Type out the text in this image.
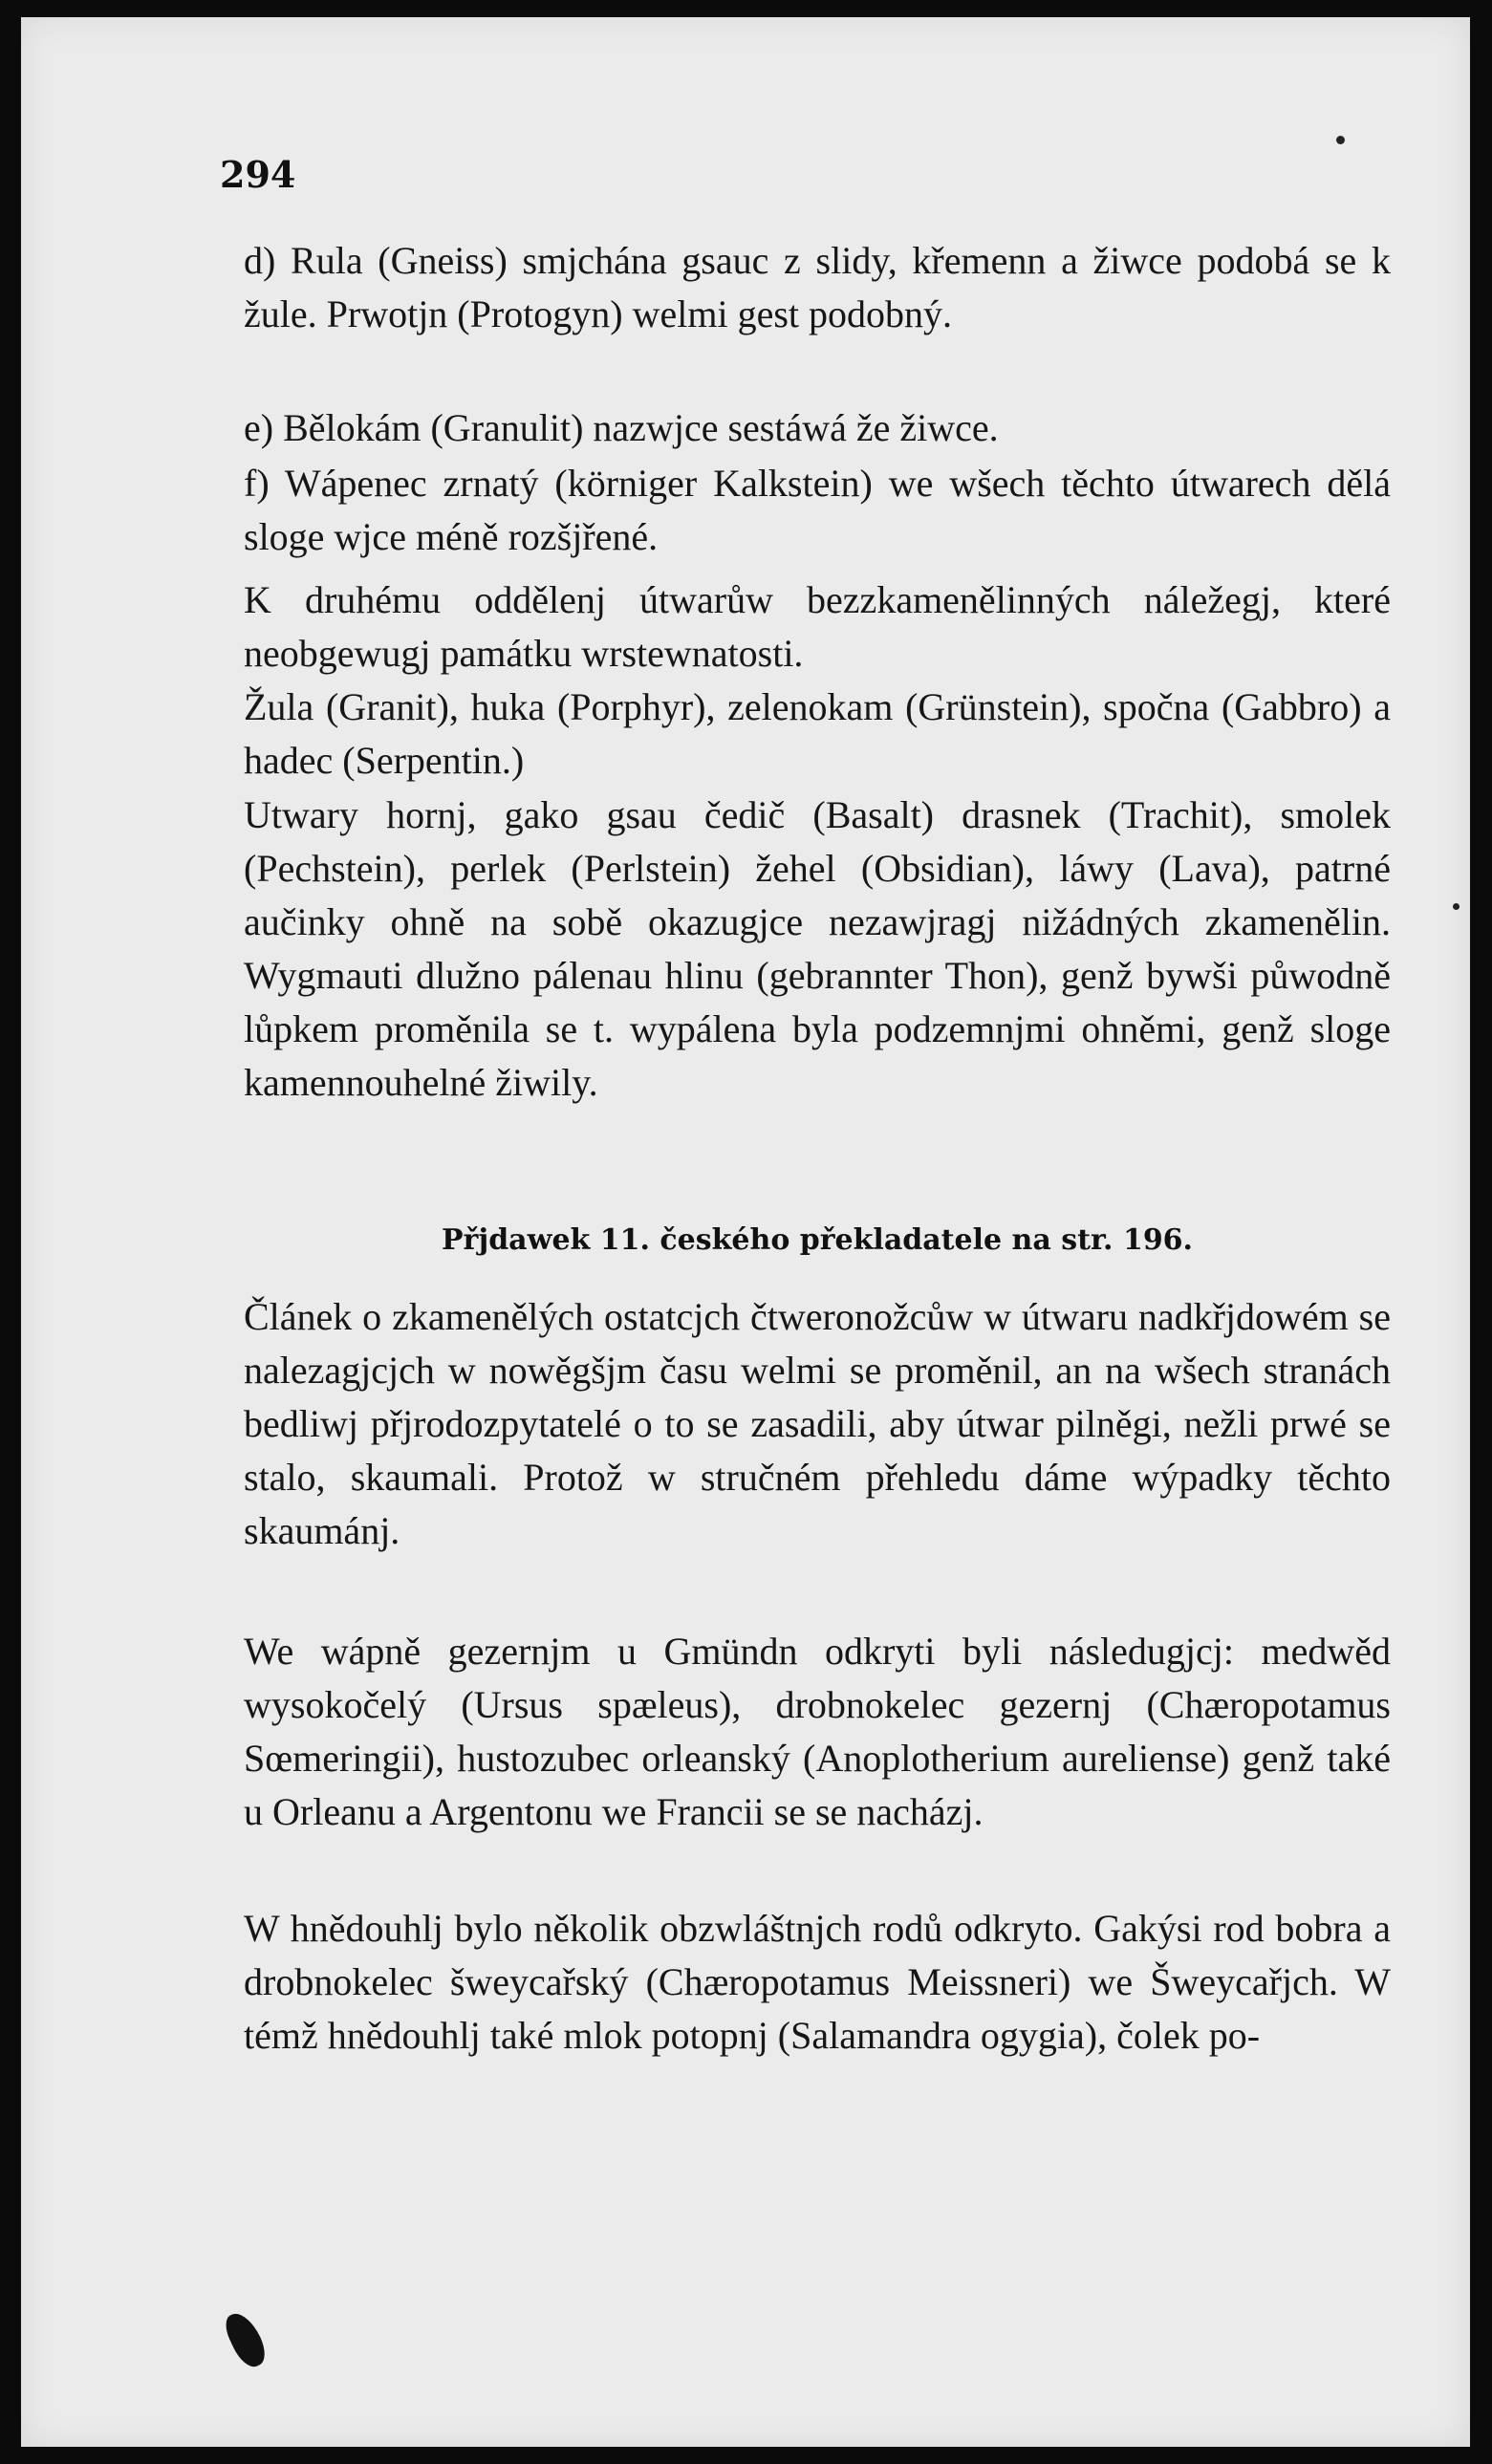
294

d) Rula (Gneiss) smjchána gsauc z slidy, křemenn a žiwce podobá se k žule. Prwotjn (Protogyn) welmi gest podobný.

e) Bělokám (Granulit) nazwjce sestáwá že žiwce.

f) Wápenec zrnatý (körniger Kalkstein) we wšech těchto útwarech dělá sloge wjce méně rozšjřené.

K druhému oddělenj útwarůw bezzkamenělinných náležegj, které neobgewugj památku wrstewnatosti.

Žula (Granit), huka (Porphyr), zelenokam (Grünstein), spočna (Gabbro) a hadec (Serpentin.)

Utwary hornj, gako gsau čedič (Basalt) drasnek (Trachit), smolek (Pechstein), perlek (Perlstein) žehel (Obsidian), láwy (Lava), patrné aučinky ohně na sobě okazugjce nezawjragj nižádných zkamenělin. Wygmauti dlužno pálenau hlinu (gebrannter Thon), genž bywši půwodně lůpkem proměnila se t. wypálena byla podzemnjmi ohněmi, genž sloge kamennouhelné žiwily.

Přjdawek 11. českého překladatele na str. 196.

Článek o zkamenělých ostatcjch čtweronožcůw w útwaru nadkřjdowém se nalezagjcjch w nowěgšjm času welmi se proměnil, an na wšech stranách bedliwj přjrodozpytatelé o to se zasadili, aby útwar pilněgi, nežli prwé se stalo, skaumali. Protož w stručném přehledu dáme wýpadky těchto skaumánj.

We wápně gezernjm u Gmündn odkryti byli následugjcj: medwěd wysokočelý (Ursus spæleus), drobnokelec gezernj (Chæropotamus Sœmeringii), hustozubec orleanský (Anoplotherium aureliense) genž také u Orleanu a Argentonu we Francii se se nacházj.

W hnědouhlj bylo několik obzwláštnjch rodů odkryto. Gakýsi rod bobra a drobnokelec šweycařský (Chæropotamus Meissneri) we Šweycařjch. W témž hnědouhlj také mlok potopnj (Salamandra ogygia), čolek po-
